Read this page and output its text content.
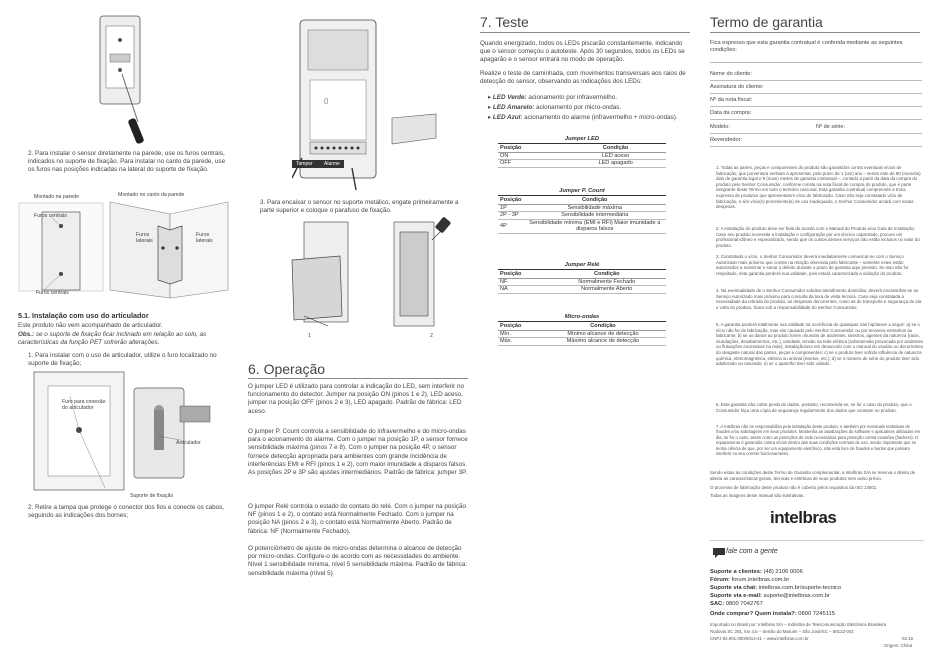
2. Para instalar o sensor diretamente na parede, use os furos centrais, indicados no suporte de fixação. Para instalar no canto da parede, use os furos nas posições indicadas na lateral do suporte de fixação.
Montado na parede	Montado no canto da parede
Furos centrais
Furos centrais
Furos laterais
Furos laterais
5.1. Instalação com uso do articulador
Este produto não vem acompanhado de articulador.
Obs.: se o suporte de fixação ficar inclinado em relação ao solo, as características da função PET sofrerão alterações.
1. Para instalar com o uso de articulador, utilize o furo localizado no suporte de fixação;
Furo para conexão do articulador
Articulador
Suporte de fixação
2. Retire a tampa que protege o conector dos fios e conecte os cabos, seguindo as indicações dos bornes;
0
Tamper Alarme
3. Para encaixar o sensor no suporte metálico, engate primeiramente a parte superior e coloque o parafuso de fixação.
1	2
6. Operação
O jumper LED é utilizado para controlar a indicação do LED, sem interferir no funcionamento do detector. Jumper na posição ON (pinos 1 e 2), LED aceso, jumper na posição OFF (pinos 2 e 3), LED apagado. Padrão de fábrica: LED aceso.
O jumper P. Count controla a sensibilidade do infravermelho e do micro-ondas para o acionamento do alarme. Com o jumper na posição 1P, o sensor fornece sensibilidade máxima (pinos 7 e 8). Com o jumper na posição 4P, o sensor fornece detecção apropriada para ambientes com grande incidência de interferências EMI e RFI (pinos 1 e 2), com maior imunidade a disparos falsos. As posições 2P e 3P são ajustes intermediários. Padrão de fábrica: jumper 3P.
O jumper Relé controla o estado do contato do relé. Com o jumper na posição NF (pinos 1 e 2), o contato está Normalmente Fechado. Com o jumper na posição NA (pinos 2 e 3), o contato está Normalmente Aberto. Padrão de fábrica: NF (Normalmente Fechado).
O potenciômetro de ajuste de micro-ondas determina o alcance de detecção por micro-ondas. Configure-o de acordo com as necessidades do ambiente. Nível 1 sensibilidade mínima, nível 5 sensibilidade máxima. Padrão de fábrica: sensibilidade máxima (nível 5).
7. Teste
Quando energizado, todos os LEDs piscarão constantemente, indicando que o sensor começou o autoteste. Após 30 segundos, todos os LEDs se apagarão e o sensor entrará no modo de operação.
Realize o teste de caminhada, com movimentos transversais aos raios de detecção do sensor, observando as indicações dos LEDs:
▸ LED Verde: acionamento por infravermelho.
▸ LED Amarelo: acionamento por micro-ondas.
▸ LED Azul: acionamento do alarme (infravermelho + micro-ondas).
Jumper LED
Posição	Condição
ON	LED aceso
OFF	LED apagado
Jumper P. Count
Posição	Condição
1P	Sensibilidade máxima
2P - 3P	Sensibilidade intermediária
4P	Sensibilidade mínima (EMI e RFI) Maior imunidade a disparos falsos
Jumper Relé
Posição	Condição
NF	Normalmente Fechado
NA	Normalmente Aberto
Micro-ondas
Posição	Condição
Mín.	Mínimo alcance de detecção
Máx.	Máximo alcance de detecção
Termo de garantia
Fica expresso que esta garantia contratual é conferida mediante as seguintes condições:
Nome do cliente:
Assinatura do cliente:
Nº da nota fiscal:
Data da compra:
Modelo:	Nº de série:
Revendedor:
1. Todas as partes, peças e componentes do produto são garantidos contra eventuais vícios de fabricação, que porventura venham a apresentar, pelo prazo de 1 (um) ano – sendo este de 90 (noventa) dias de garantia legal e 9 (nove) meses de garantia contratual –, contado a partir da data da compra do produto pelo Senhor Consumidor, conforme consta na nota fiscal de compra do produto, que é parte integrante deste Termo em todo o território nacional. Esta garantia contratual compreende a troca expressa de produtos que apresentarem vício de fabricação. Caso não seja constatado vício de fabricação, e sim vício(s) proveniente(s) de uso inadequado, o Senhor Consumidor arcará com essas despesas.
2. A instalação do produto deve ser feita de acordo com o Manual do Produto e/ou Guia de Instalação. Caso seu produto necessite a instalação e configuração por um técnico capacitado, procure um profissional idôneo e especializado, sendo que os custos desses serviços não estão inclusos no valor do produto.
3. Constatado o vício, o Senhor Consumidor deverá imediatamente comunicar-se com o Serviço Autorizado mais próximo que conste na relação oferecida pelo fabricante – somente estes estão autorizados a examinar e sanar o defeito durante o prazo de garantia aqui previsto. Se isso não for respeitado, esta garantia perderá sua validade, pois estará caracterizada a violação do produto.
4. Na eventualidade de o Senhor Consumidor solicitar atendimento domiciliar, deverá encaminhar-se ao Serviço Autorizado mais próximo para consulta da taxa de visita técnica. Caso seja constatada a necessidade da retirada do produto, as despesas decorrentes, como as de transporte e segurança de ida e volta do produto, ficam sob a responsabilidade do Senhor Consumidor.
5. A garantia perderá totalmente sua validade na ocorrência de quaisquer das hipóteses a seguir: a) se o vício não for de fabricação, mas sim causado pelo Senhor Consumidor ou por terceiros estranhos ao fabricante; b) se os danos ao produto forem oriundos de acidentes, sinistros, agentes da natureza (raios, inundações, desabamentos, etc.), umidade, tensão na rede elétrica (sobretensão provocada por acidentes ou flutuações excessivas na rede), instalação/uso em desacordo com o manual do usuário ou decorrentes do desgaste natural das partes, peças e componentes; c) se o produto tiver sofrido influência de natureza química, eletromagnética, elétrica ou animal (insetos, etc.); d) se o número de série do produto tiver sido adulterado ou rasurado; e) se o aparelho tiver sido violado.
6. Esta garantia não cobre perda de dados, portanto, recomenda-se, se for o caso do produto, que o Consumidor faça uma cópia de segurança regularmente dos dados que constam no produto.
7. A Intelbras não se responsabiliza pela instalação deste produto, e também por eventuais tentativas de fraudes e/ou sabotagens em seus produtos. Mantenha as atualizações do software e aplicativos utilizados em dia, se for o caso, assim como as proteções de rede necessárias para proteção contra invasões (hackers). O equipamento é garantido contra vícios dentro das suas condições normais de uso, sendo importante que se tenha ciência de que, por ser um equipamento eletrônico, não está livre de fraudes e burlas que possam interferir no seu correto funcionamento.
Sendo estas as condições deste Termo de Garantia complementar, a Intelbras S/A se reserva o direito de alterar as características gerais, técnicas e estéticas de seus produtos sem aviso prévio.
O processo de fabricação deste produto não é coberto pelos requisitos da ISO 14001.
Todas as imagens deste manual são ilustrativas.
intelbras
fale com a gente
Suporte a clientes: (48) 2106 0006
Fórum: forum.intelbras.com.br
Suporte via chat: intelbras.com.br/suporte-tecnico
Suporte via e-mail: suporte@intelbras.com.br
SAC: 0800 7042767
Onde comprar? Quem instala?: 0800 7245115
Importado no Brasil por: Intelbras S/A – Indústria de Telecomunicação Eletrônica Brasileira
Rodovia SC 281, km 4,5 – Sertão do Maruim – São José/SC – 88122-001
CNPJ 82.901.000/0014-41 – www.intelbras.com.br	02.18
Origem: China
